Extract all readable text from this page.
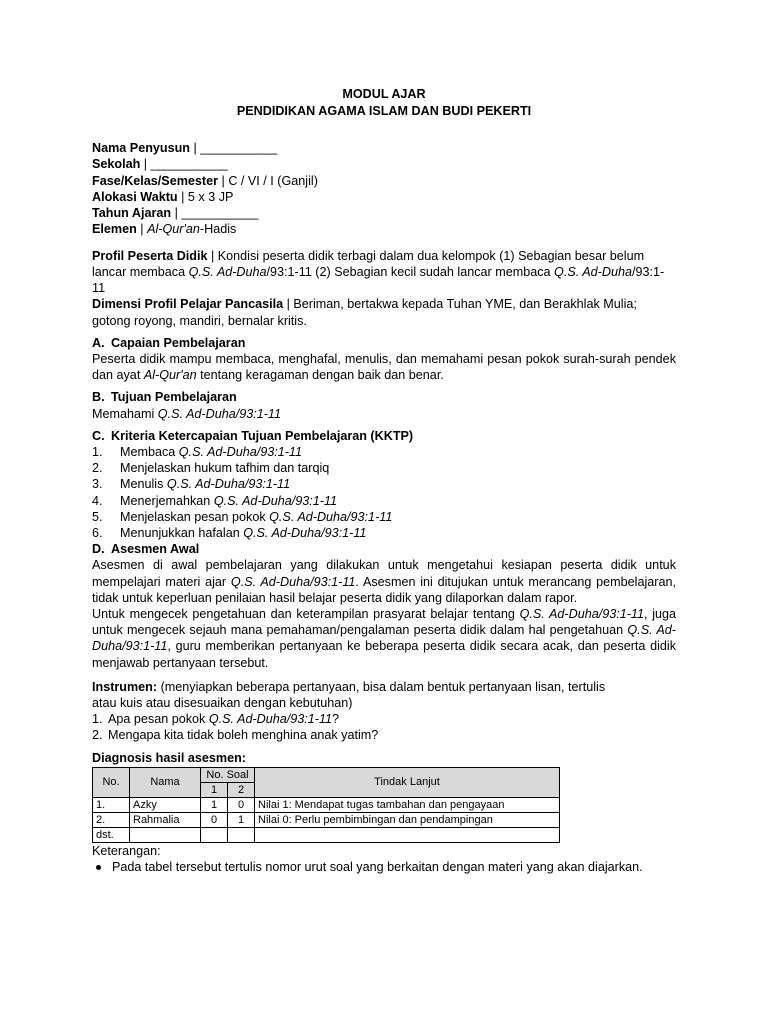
MODUL AJAR
PENDIDIKAN AGAMA ISLAM DAN BUDI PEKERTI
Nama Penyusun | ___________
Sekolah | ___________
Fase/Kelas/Semester | C / VI / I (Ganjil)
Alokasi Waktu | 5 x 3 JP
Tahun Ajaran | ___________
Elemen | Al-Qur'an-Hadis
Profil Peserta Didik | Kondisi peserta didik terbagi dalam dua kelompok (1) Sebagian besar belum lancar membaca Q.S. Ad-Duha/93:1-11 (2) Sebagian kecil sudah lancar membaca Q.S. Ad-Duha/93:1-11
Dimensi Profil Pelajar Pancasila | Beriman, bertakwa kepada Tuhan YME, dan Berakhlak Mulia; gotong royong, mandiri, bernalar kritis.
A. Capaian Pembelajaran
Peserta didik mampu membaca, menghafal, menulis, dan memahami pesan pokok surah-surah pendek dan ayat Al-Qur'an tentang keragaman dengan baik dan benar.
B. Tujuan Pembelajaran
Memahami Q.S. Ad-Duha/93:1-11
C. Kriteria Ketercapaian Tujuan Pembelajaran (KKTP)
1. Membaca Q.S. Ad-Duha/93:1-11
2. Menjelaskan hukum tafhim dan tarqiq
3. Menulis Q.S. Ad-Duha/93:1-11
4. Menerjemahkan Q.S. Ad-Duha/93:1-11
5. Menjelaskan pesan pokok Q.S. Ad-Duha/93:1-11
6. Menunjukkan hafalan Q.S. Ad-Duha/93:1-11
D. Asesmen Awal
Asesmen di awal pembelajaran yang dilakukan untuk mengetahui kesiapan peserta didik untuk mempelajari materi ajar Q.S. Ad-Duha/93:1-11. Asesmen ini ditujukan untuk merancang pembelajaran, tidak untuk keperluan penilaian hasil belajar peserta didik yang dilaporkan dalam rapor.
Untuk mengecek pengetahuan dan keterampilan prasyarat belajar tentang Q.S. Ad-Duha/93:1-11, juga untuk mengecek sejauh mana pemahaman/pengalaman peserta didik dalam hal pengetahuan Q.S. Ad-Duha/93:1-11, guru memberikan pertanyaan ke beberapa peserta didik secara acak, dan peserta didik menjawab pertanyaan tersebut.
Instrumen: (menyiapkan beberapa pertanyaan, bisa dalam bentuk pertanyaan lisan, tertulis
atau kuis atau disesuaikan dengan kebutuhan)
1. Apa pesan pokok Q.S. Ad-Duha/93:1-11?
2. Mengapa kita tidak boleh menghina anak yatim?
Diagnosis hasil asesmen:
No.	Nama	No. Soal		Tindak Lanjut
		1	2	
1.	Azky	1	0	Nilai 1: Mendapat tugas tambahan dan pengayaan
2.	Rahmalia	0	1	Nilai 0: Perlu pembimbingan dan pendampingan
dst.				
Keterangan:
Pada tabel tersebut tertulis nomor urut soal yang berkaitan dengan materi yang akan diajarkan.
